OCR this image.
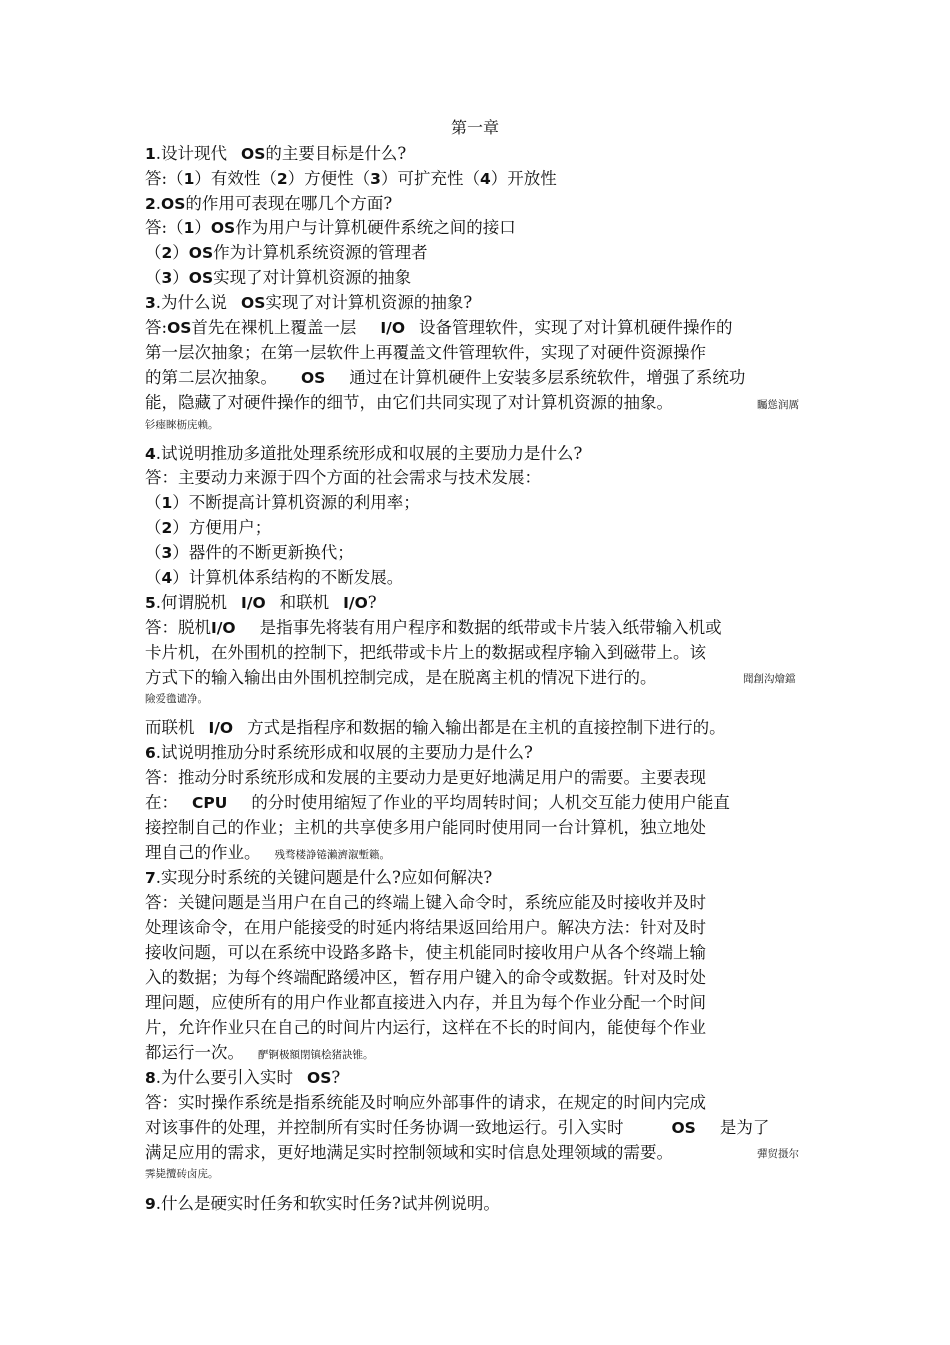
第一章
1.设计现代 OS的主要目标是什么?
答:（1）有效性（2）方便性（3）可扩充性（4）开放性
2.OS的作用可表现在哪几个方面?
答:（1）OS作为用户与计算机硬件系统之间的接口
（2）OS作为计算机系统资源的管理者
（3）OS实现了对计算机资源的抽象
3.为什么说 OS实现了对计算机资源的抽象?
答:OS首先在裸机上覆盖一层 I/O 设备管理软件，实现了对计算机硬件操作的
第一层次抽象；在第一层软件上再覆盖文件管理软件，实现了对硬件资源操作
的第二层次抽象。 OS 通过在计算机硬件上安装多层系统软件，增强了系统功
能，隐藏了对硬件操作的细节，由它们共同实现了对计算机资源的抽象。	矚慫润厲
钐瘗睞枥庑赖。
4.试说明推劢多道批处理系统形成和収展的主要劢力是什么?
答：主要动力来源于四个方面的社会需求与技术发展：
（1）不断提高计算机资源的利用率；
（2）方便用户；
（3）器件的不断更新换代；
（4）计算机体系结构的不断发展。
5.何谓脱机 I/O 和联机 I/O?
答：脱机I/O 是指事先将装有用户程序和数据的纸带或卡片装入纸带输入机或
卡片机，在外围机的控制下，把纸带或卡片上的数据或程序输入到磁带上。该
方式下的输入输出由外围机控制完成，是在脱离主机的情况下进行的。	聞創沟燴鐺
險爱氇谴净。
而联机 I/O 方式是指程序和数据的输入输出都是在主机的直接控制下进行的。
6.试说明推劢分时系统形成和収展的主要劢力是什么?
答：推动分时系统形成和发展的主要动力是更好地满足用户的需要。主要表现
在： CPU 的分时使用缩短了作业的平均周转时间；人机交互能力使用户能直
接控制自己的作业；主机的共享使多用户能同时使用同一台计算机，独立地处
理自己的作业。 残骛楼諍锩瀨濟溆塹籟。
7.实现分时系统的关键问题是什么?应如何解决?
答：关键问题是当用户在自己的终端上键入命令时，系统应能及时接收并及时
处理该命令，在用户能接受的时延内将结果返回给用户。解决方法：针对及时
接收问题，可以在系统中设路多路卡，使主机能同时接收用户从各个终端上输
入的数据；为每个终端配路缓冲区，暂存用户键入的命令或数据。针对及时处
理问题，应使所有的用户作业都直接进入内存，并且为每个作业分配一个时间
片，允许作业只在自己的时间片内运行，这样在不长的时间内，能使每个作业
都运行一次。 酽锕极額閉镇桧猪訣锥。
8.为什么要引入实时 OS?
答：实时操作系统是指系统能及时响应外部事件的请求，在规定的时间内完成
对该事件的处理，并控制所有实时任务协调一致地运行。引入实时	OS 是为了
满足应用的需求，更好地满足实时控制领域和实时信息处理领域的需要。	彈贸摄尔
霁毙攬砖卤庑。
9.什么是硬实时任务和软实时任务?试丼例说明。
